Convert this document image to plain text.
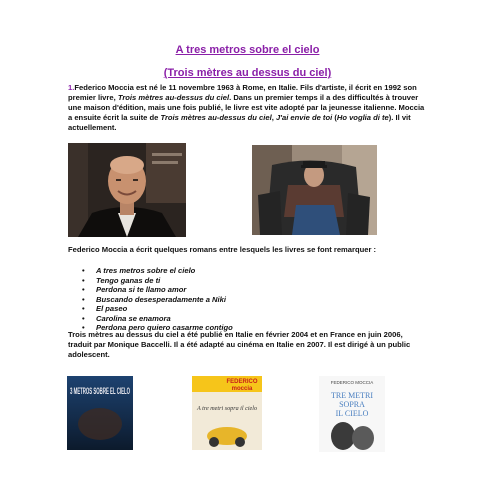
A tres metros sobre el cielo
(Trois mètres au dessus du ciel)
1.Federico Moccia est né le 11 novembre 1963 à Rome, en Italie. Fils d'artiste, il écrit en 1992 son premier livre, Trois mètres au-dessus du ciel. Dans un premier temps il a des difficultés à trouver une maison d'édition, mais une fois publié, le livre est vite adopté par la jeunesse italienne. Moccia a ensuite écrit la suite de Trois mètres au-dessus du ciel, J'ai envie de toi (Ho voglia di te). Il vit actuellement.
Federico Moccia a écrit quelques romans entre lesquels les livres se font remarquer :
• A tres metros sobre el cielo
• Tengo ganas de ti
• Perdona si te llamo amor
• Buscando desesperadamente a Niki
• El paseo
• Carolina se enamora
• Perdona pero quiero casarme contigo
Trois mètres au dessus du ciel a été publié en Italie en février 2004 et en France en juin 2006, traduit par Monique Baccelli. Il a été adapté au cinéma en Italie en 2007. Il est dirigé à un public adolescent.
3 METROS SOBRE EL CIELO
FEDERICO
moccia
A tre metri sopra il cielo
FEDERICO MOCCIA
TRE METRI
SOPRA
IL CIELO
